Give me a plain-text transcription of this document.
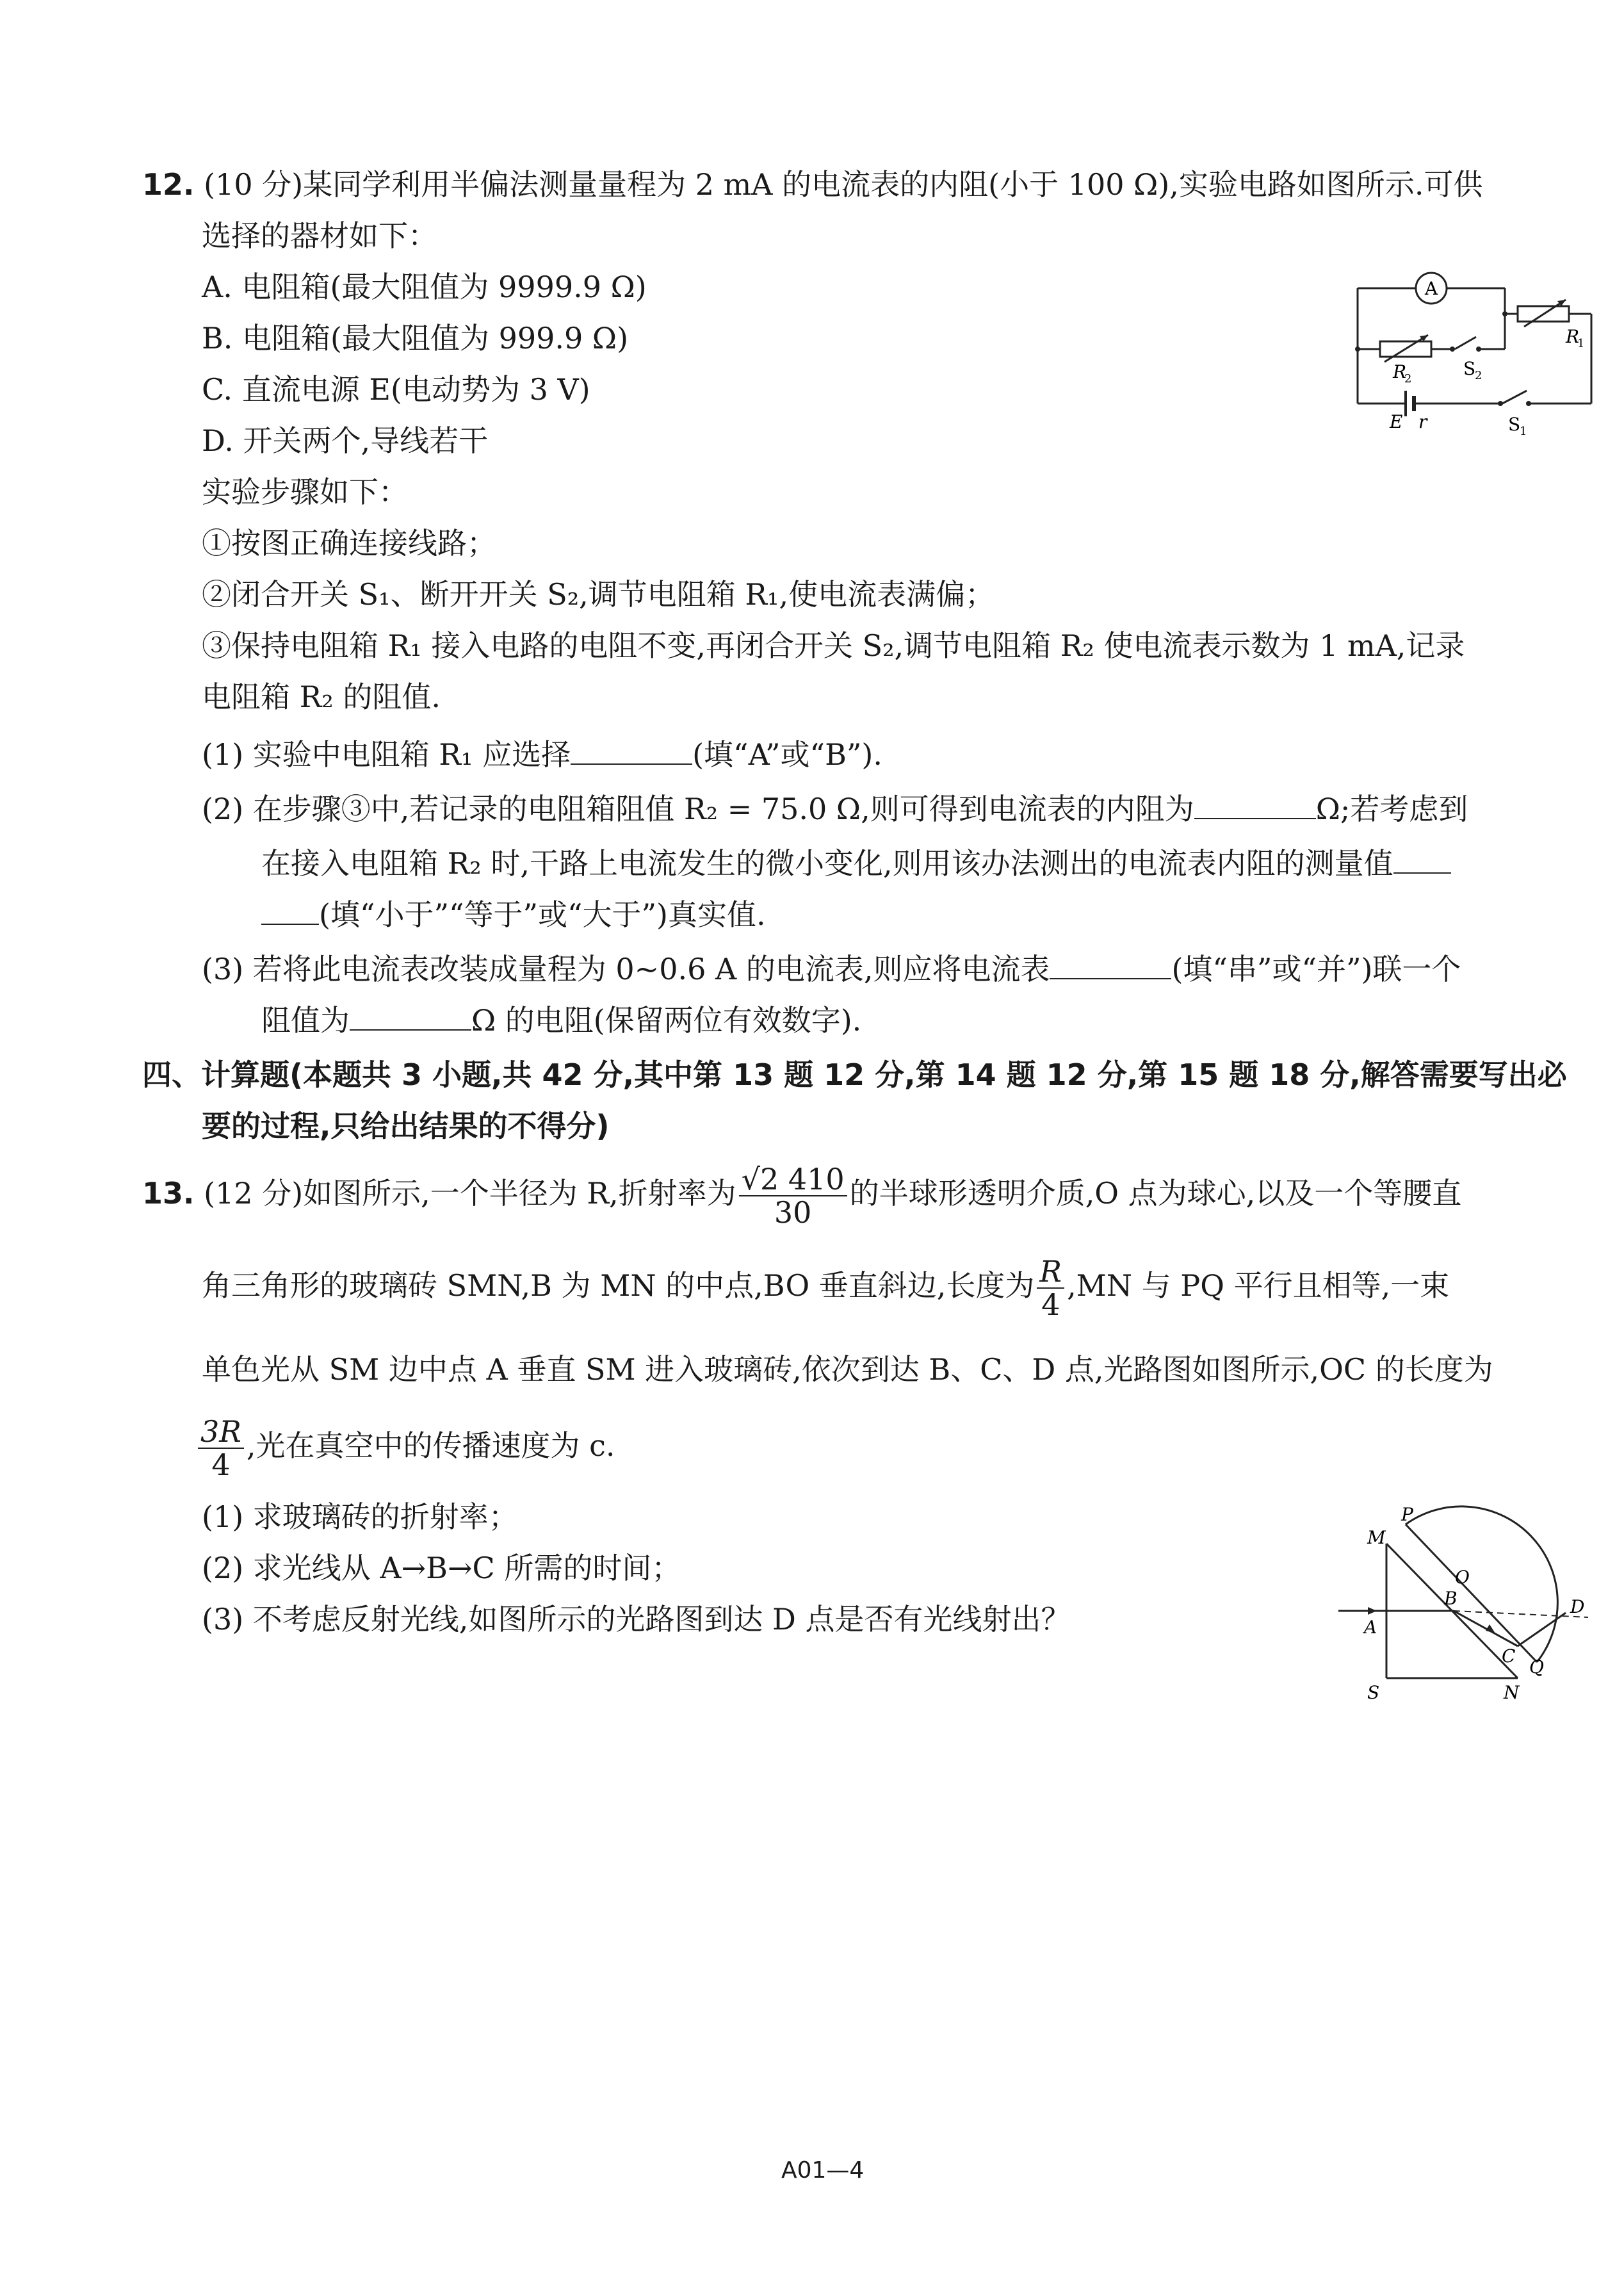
12. (10 分)某同学利用半偏法测量量程为 2 mA 的电流表的内阻(小于 100 Ω),实验电路如图所示.可供
选择的器材如下：
A. 电阻箱(最大阻值为 9999.9 Ω)
B. 电阻箱(最大阻值为 999.9 Ω)
C. 直流电源 E(电动势为 3 V)
D. 开关两个,导线若干
实验步骤如下：
①按图正确连接线路；
②闭合开关 S₁、断开开关 S₂,调节电阻箱 R₁,使电流表满偏；
③保持电阻箱 R₁ 接入电路的电阻不变,再闭合开关 S₂,调节电阻箱 R₂ 使电流表示数为 1 mA,记录
电阻箱 R₂ 的阻值.
(1) 实验中电阻箱 R₁ 应选择	(填“A”或“B”).
(2) 在步骤③中,若记录的电阻箱阻值 R₂ = 75.0 Ω,则可得到电流表的内阻为	Ω;若考虑到
在接入电阻箱 R₂ 时,干路上电流发生的微小变化,则用该办法测出的电流表内阻的测量值
(填“小于”“等于”或“大于”)真实值.
(3) 若将此电流表改装成量程为 0~0.6 A 的电流表,则应将电流表	(填“串”或“并”)联一个
阻值为	Ω 的电阻(保留两位有效数字).
A
R
1
R
2	S
2
E r	S
1
四、计算题(本题共 3 小题,共 42 分,其中第 13 题 12 分,第 14 题 12 分,第 15 题 18 分,解答需要写出必
要的过程,只给出结果的不得分)
13. (12 分)如图所示,一个半径为 R,折射率为 $\frac{√2 410}{30}$ 的半球形透明介质,O 点为球心,以及一个等腰直
角三角形的玻璃砖 SMN,B 为 MN 的中点,BO 垂直斜边,长度为 $\frac{R}{4} ,MN$ 与 PQ 平行且相等,一束
单色光从 SM 边中点 A 垂直 SM 进入玻璃砖,依次到达 B、C、D 点,光路图如图所示,OC 的长度为
$\frac{3R}{4}$ ,光在真空中的传播速度为 c.
(1) 求玻璃砖的折射率；
(2) 求光线从 A→B→C 所需的时间；
(3) 不考虑反射光线,如图所示的光路图到达 D 点是否有光线射出？
P
M
O
B
A
D
C
Q
S	N
A01—4
